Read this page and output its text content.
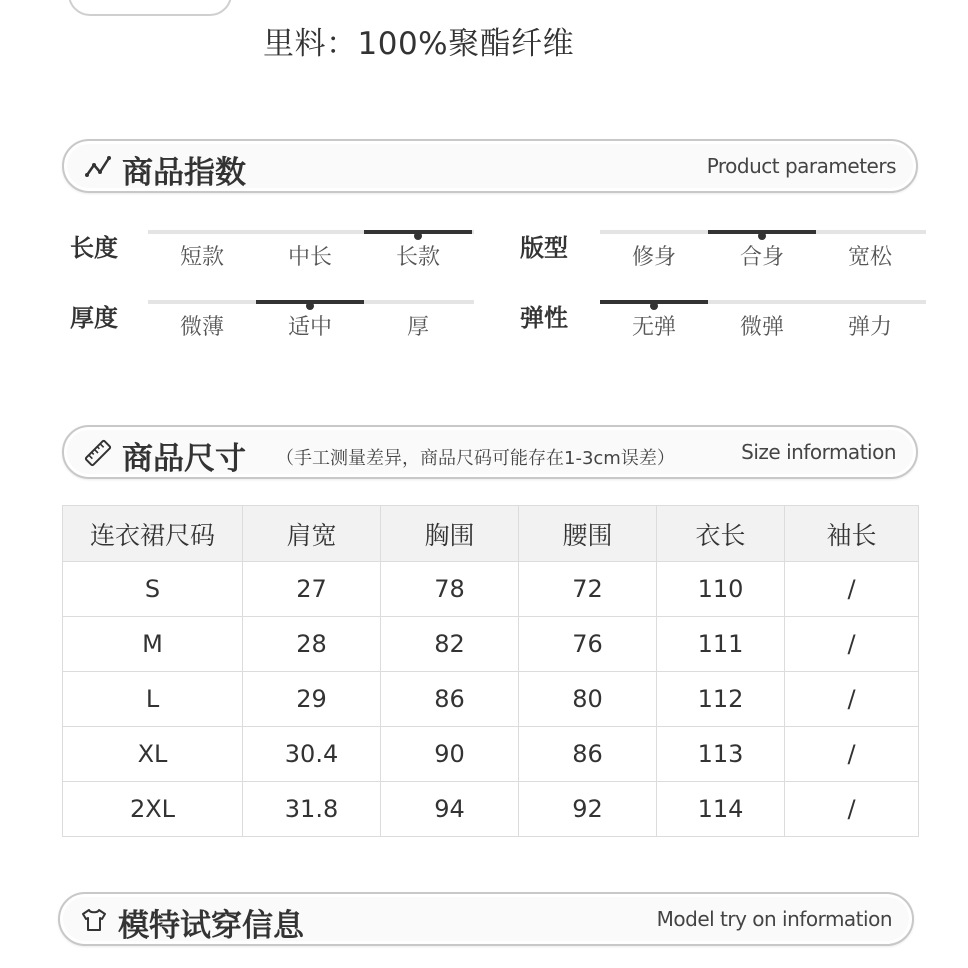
里料：100%聚酯纤维
商品指数	Product parameters
长度	短款	中长	长款	版型	修身	合身	宽松
厚度	微薄	适中	厚	弹性	无弹	微弹	弹力
商品尺寸 （手工测量差异，商品尺码可能存在1-3cm误差）	Size information
连衣裙尺码	肩宽	胸围	腰围	衣长	袖长
S	27	78	72	110	/
M	28	82	76	111	/
L	29	86	80	112	/
XL	30.4	90	86	113	/
2XL	31.8	94	92	114	/
模特试穿信息	Model try on information
